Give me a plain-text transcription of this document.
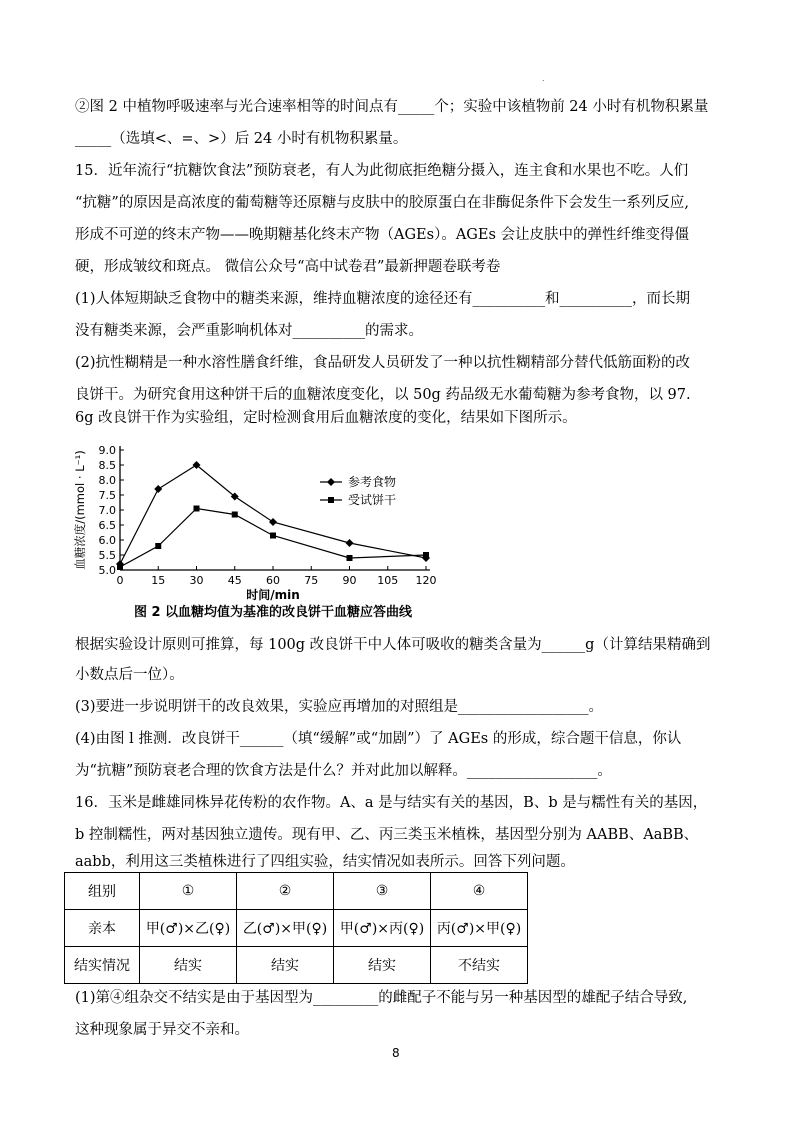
.
②图 2 中植物呼吸速率与光合速率相等的时间点有_____个；实验中该植物前 24 小时有机物积累量
_____（选填<、=、>）后 24 小时有机物积累量。
15．近年流行“抗糖饮食法”预防衰老，有人为此彻底拒绝糖分摄入，连主食和水果也不吃。人们
“抗糖”的原因是高浓度的葡萄糖等还原糖与皮肤中的胶原蛋白在非酶促条件下会发生一系列反应,
形成不可逆的终末产物——晚期糖基化终末产物（AGEs）。AGEs 会让皮肤中的弹性纤维变得僵
硬，形成皱纹和斑点。 微信公众号“高中试卷君”最新押题卷联考卷
(1)人体短期缺乏食物中的糖类来源，维持血糖浓度的途径还有__________和__________，而长期
没有糖类来源，会严重影响机体对__________的需求。
(2)抗性糊精是一种水溶性膳食纤维，食品研发人员研发了一种以抗性糊精部分替代低筋面粉的改
良饼干。为研究食用这种饼干后的血糖浓度变化，以 50g 药品级无水葡萄糖为参考食物，以 97.
6g 改良饼干作为实验组，定时检测食用后血糖浓度的变化，结果如下图所示。
5.0
5.5
6.0
6.5
7.0
7.5
8.0
8.5
9.0
0	15 30 45 60 75 90 105 120
参考食物
受试饼干
血糖浓度/(mmol · L⁻¹)
时间/min
图 2 以血糖均值为基准的改良饼干血糖应答曲线
根据实验设计原则可推算，每 100g 改良饼干中人体可吸收的糖类含量为______g（计算结果精确到
小数点后一位）。
(3)要进一步说明饼干的改良效果，实验应再增加的对照组是__________________。
(4)由图 l 推测．改良饼干______（填“缓解”或“加剧”）了 AGEs 的形成，综合题干信息，你认
为“抗糖”预防衰老合理的饮食方法是什么？并对此加以解释。__________________。
16．玉米是雌雄同株异花传粉的农作物。A、a 是与结实有关的基因，B、b 是与糯性有关的基因，
b 控制糯性，两对基因独立遗传。现有甲、乙、丙三类玉米植株，基因型分别为 AABB、AaBB、
aabb，利用这三类植株进行了四组实验，结实情况如表所示。回答下列问题。
组别	①	②	③	④
亲本	甲(♂)×乙(♀)	乙(♂)×甲(♀)	甲(♂)×丙(♀)	丙(♂)×甲(♀)
结实情况	结实	结实	结实	不结实
(1)第④组杂交不结实是由于基因型为_________的雌配子不能与另一种基因型的雄配子结合导致,
这种现象属于异交不亲和。
8
